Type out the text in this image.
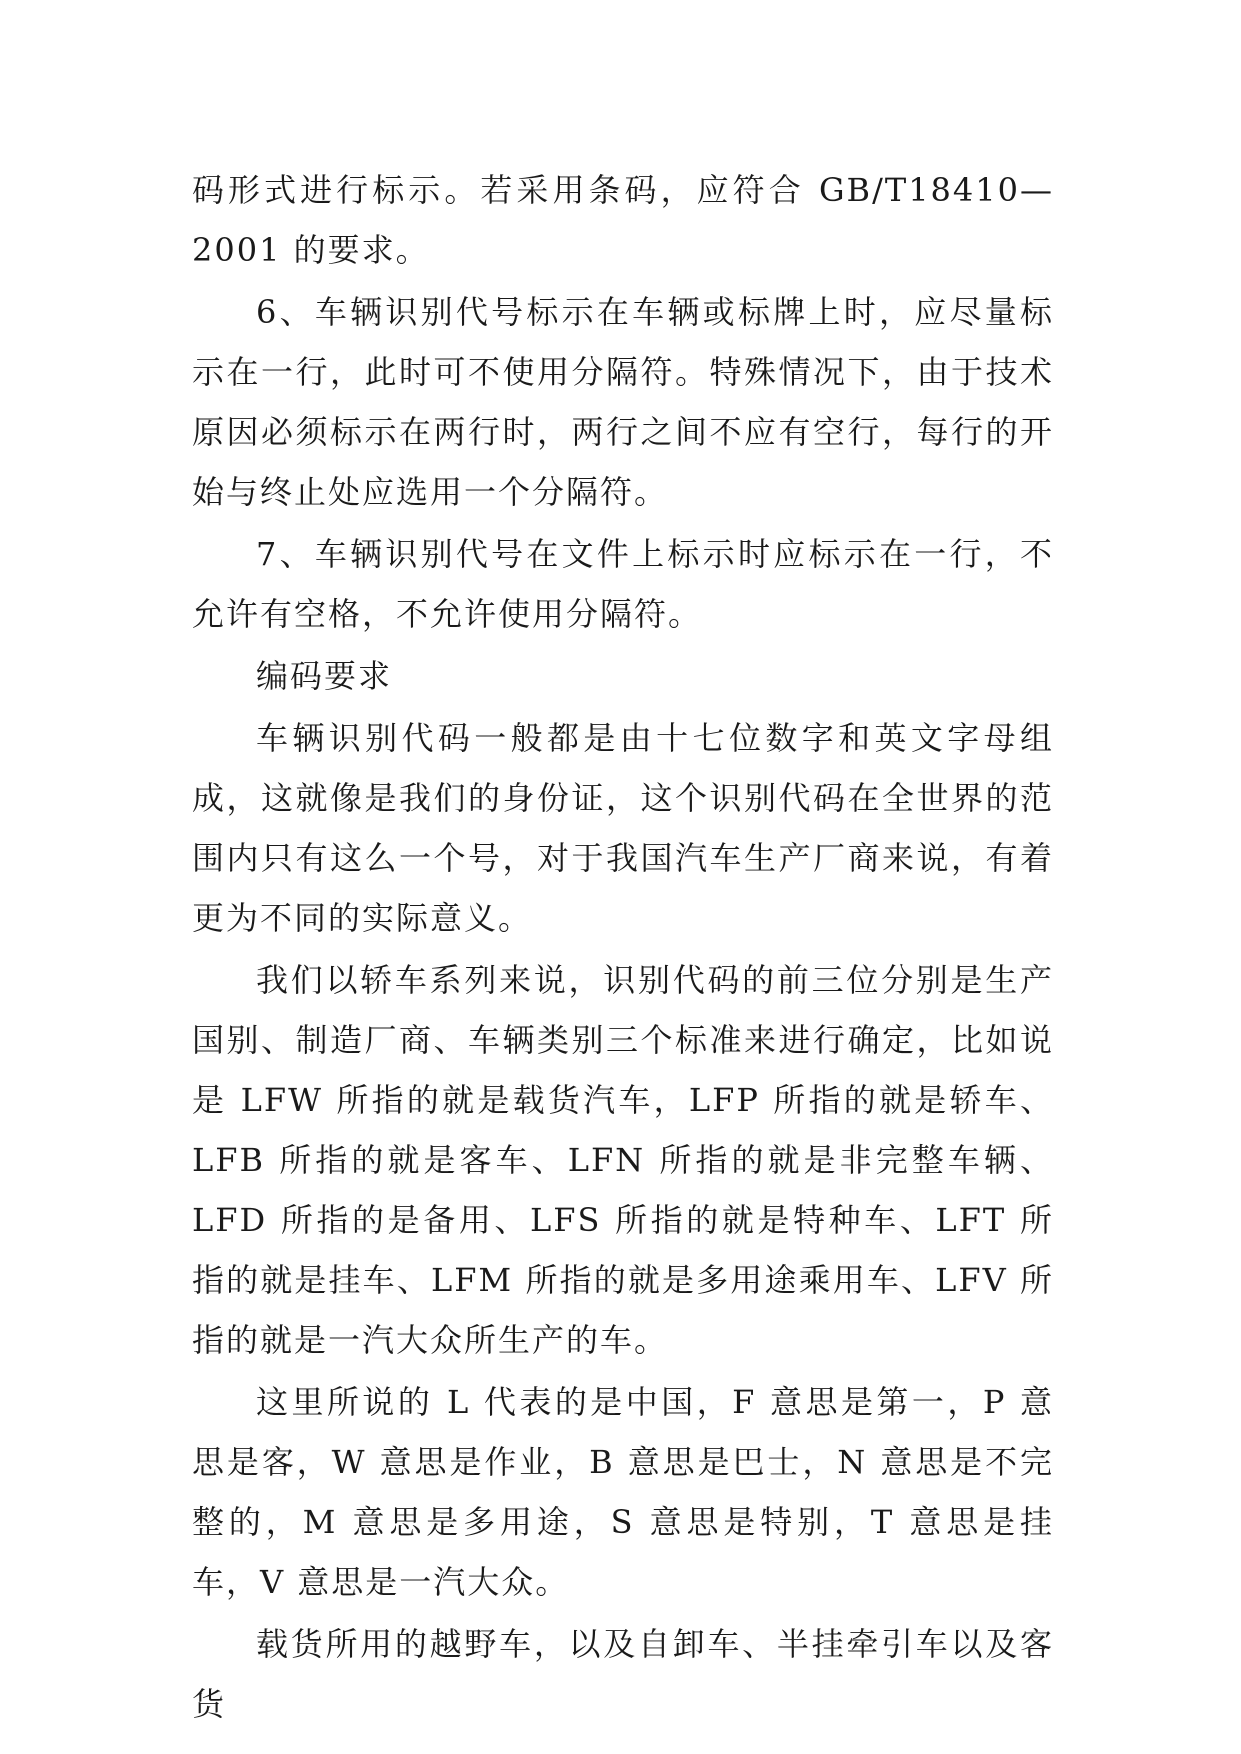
码形式进行标示。若采用条码，应符合 GB/T18410—2001 的要求。

6、车辆识别代号标示在车辆或标牌上时，应尽量标示在一行，此时可不使用分隔符。特殊情况下，由于技术原因必须标示在两行时，两行之间不应有空行，每行的开始与终止处应选用一个分隔符。

7、车辆识别代号在文件上标示时应标示在一行，不允许有空格，不允许使用分隔符。

编码要求

车辆识别代码一般都是由十七位数字和英文字母组成，这就像是我们的身份证，这个识别代码在全世界的范围内只有这么一个号，对于我国汽车生产厂商来说，有着更为不同的实际意义。

我们以轿车系列来说，识别代码的前三位分别是生产国别、制造厂商、车辆类别三个标准来进行确定，比如说是 LFW 所指的就是载货汽车，LFP 所指的就是轿车、LFB 所指的就是客车、LFN 所指的就是非完整车辆、LFD 所指的是备用、LFS 所指的就是特种车、LFT 所指的就是挂车、LFM 所指的就是多用途乘用车、LFV 所指的就是一汽大众所生产的车。

这里所说的 L 代表的是中国，F 意思是第一，P 意思是客，W 意思是作业，B 意思是巴士，N 意思是不完整的，M 意思是多用途，S 意思是特别，T 意思是挂车，V 意思是一汽大众。

载货所用的越野车，以及自卸车、半挂牵引车以及客货
